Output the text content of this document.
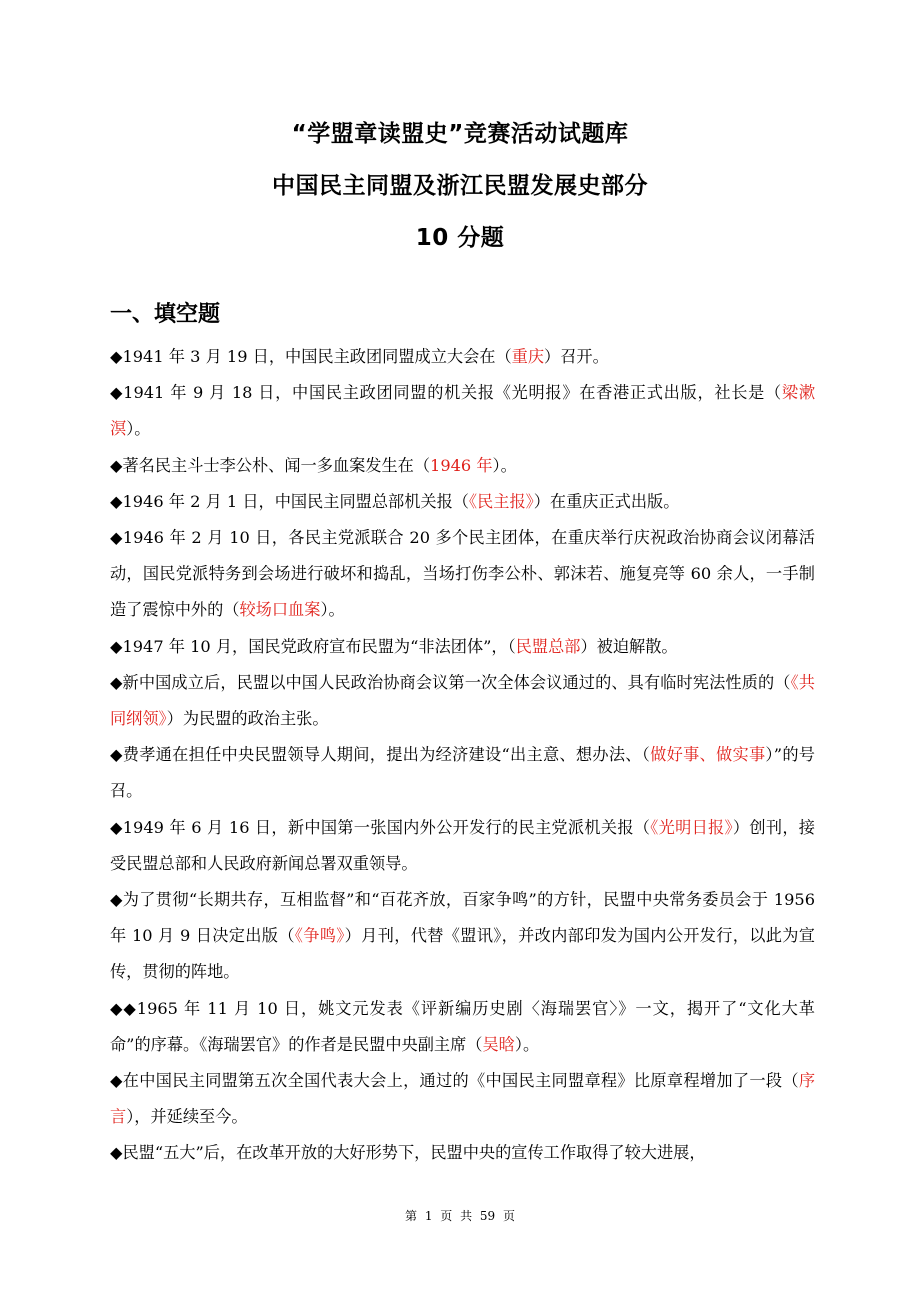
“学盟章读盟史”竞赛活动试题库
中国民主同盟及浙江民盟发展史部分
10 分题
一、填空题

◆1941 年 3 月 19 日，中国民主政团同盟成立大会在（重庆）召开。

◆1941 年 9 月 18 日，中国民主政团同盟的机关报《光明报》在香港正式出版，社长是（梁漱溟）。

◆著名民主斗士李公朴、闻一多血案发生在（1946 年）。

◆1946 年 2 月 1 日，中国民主同盟总部机关报（《民主报》）在重庆正式出版。

◆1946 年 2 月 10 日，各民主党派联合 20 多个民主团体，在重庆举行庆祝政治协商会议闭幕活动，国民党派特务到会场进行破坏和捣乱，当场打伤李公朴、郭沫若、施复亮等 60 余人，一手制造了震惊中外的（较场口血案）。

◆1947 年 10 月，国民党政府宣布民盟为“非法团体”，（民盟总部）被迫解散。

◆新中国成立后，民盟以中国人民政治协商会议第一次全体会议通过的、具有临时宪法性质的（《共同纲领》）为民盟的政治主张。

◆费孝通在担任中央民盟领导人期间，提出为经济建设“出主意、想办法、（做好事、做实事）”的号召。

◆1949 年 6 月 16 日，新中国第一张国内外公开发行的民主党派机关报（《光明日报》）创刊，接受民盟总部和人民政府新闻总署双重领导。

◆为了贯彻“长期共存，互相监督”和“百花齐放，百家争鸣”的方针，民盟中央常务委员会于 1956 年 10 月 9 日决定出版（《争鸣》）月刊，代替《盟讯》，并改内部印发为国内公开发行，以此为宣传，贯彻的阵地。

◆◆1965 年 11 月 10 日，姚文元发表《评新编历史剧〈海瑞罢官〉》一文，揭开了“文化大革命”的序幕。《海瑞罢官》的作者是民盟中央副主席（吴晗）。

◆在中国民主同盟第五次全国代表大会上，通过的《中国民主同盟章程》比原章程增加了一段（序言），并延续至今。

◆民盟“五大”后，在改革开放的大好形势下，民盟中央的宣传工作取得了较大进展，

第 1 页 共 59 页
